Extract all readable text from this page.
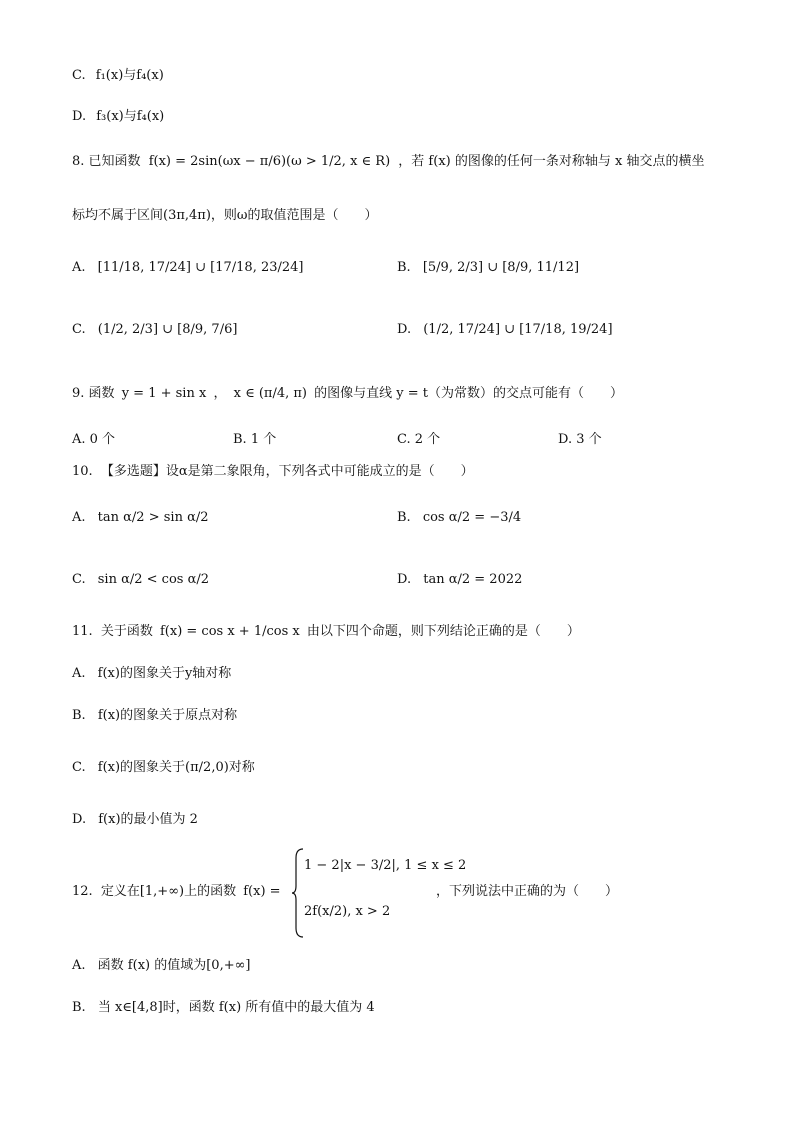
C. f₁(x)与f₄(x)
D. f₃(x)与f₄(x)
8. 已知函数 f(x) = 2sin(ωx − π/6)(ω > 1/2, x ∈ R) ，若 f(x) 的图像的任何一条对称轴与 x 轴交点的横坐
标均不属于区间(3π,4π)，则ω的取值范围是（　　）
A. [11/18, 17/24] ∪ [17/18, 23/24]	B. [5/9, 2/3] ∪ [8/9, 11/12]
C. (1/2, 2/3] ∪ [8/9, 7/6]	D. (1/2, 17/24] ∪ [17/18, 19/24]
9. 函数 y = 1 + sin x ， x ∈ (π/4, π) 的图像与直线 y = t（为常数）的交点可能有（　　）
A. 0 个	B. 1 个	C. 2 个	D. 3 个
10. 【多选题】设α是第二象限角，下列各式中可能成立的是（　　）
A. tan α/2 > sin α/2	B. cos α/2 = −3/4
C. sin α/2 < cos α/2	D. tan α/2 = 2022
11. 关于函数 f(x) = cos x + 1/cos x 由以下四个命题，则下列结论正确的是（　　）
A. f(x)的图象关于y轴对称
B. f(x)的图象关于原点对称
C. f(x)的图象关于(π/2,0)对称
D. f(x)的最小值为 2
12. 定义在[1,+∞)上的函数 f(x) =
1 − 2|x − 3/2|, 1 ≤ x ≤ 2
2f(x/2), x > 2
，下列说法中正确的为（　　）
A. 函数 f(x) 的值域为[0,+∞]
B. 当 x∈[4,8]时，函数 f(x) 所有值中的最大值为 4
